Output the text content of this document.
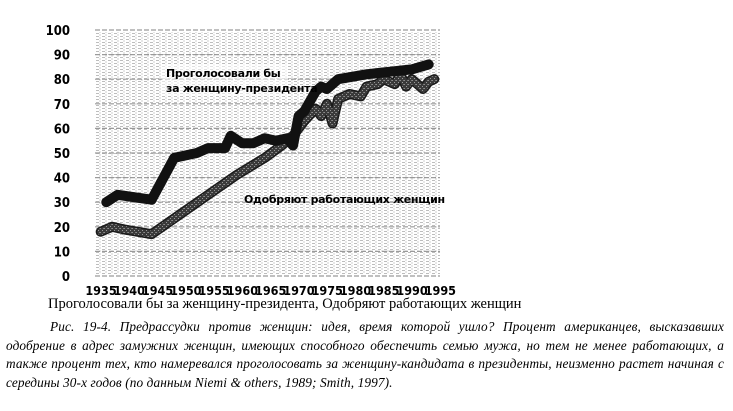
0
10
20
30
40
50
60
70
80
90
100
1935
1940
1945
1950
1955
1960
1965
1970
1975
1980
1985
1990
1995
Проголосовали бы
за женщину-президента
Одобряют работающих женщин
Проголосовали бы за женщину-президента, Одобряют работающих женщин
Рис. 19-4. Предрассудки против женщин: идея, время которой ушло? Процент американцев, высказавших одобрение в адрес замужних женщин, имеющих способного обеспечить семью мужа, но тем не менее работающих, а также процент тех, кто намеревался проголосовать за женщину-кандидата в президенты, неизменно растет начиная с середины 30-х годов (по данным Niemi & others, 1989; Smith, 1997).
